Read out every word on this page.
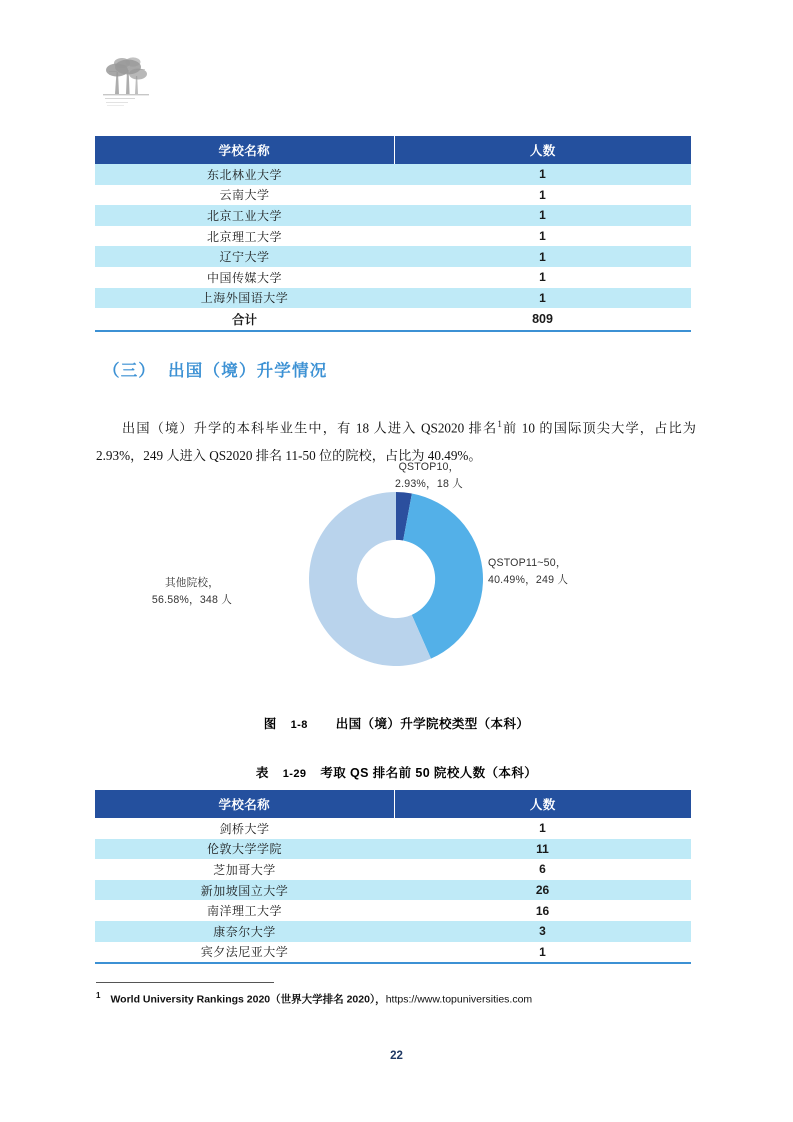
学校名称	人数
东北林业大学	1
云南大学	1
北京工业大学	1
北京理工大学	1
辽宁大学	1
中国传媒大学	1
上海外国语大学	1
合计	809
（三） 出国（境）升学情况

出国（境）升学的本科毕业生中，有 18 人进入 QS2020 排名$^1$前 10 的国际顶尖大学，占比为 2.93%，249 人进入 QS2020 排名 11-50 位的院校，占比为 40.49%。

QSTOP10，
2.93%，18 人
QSTOP11~50，
40.49%，249 人
其他院校，
56.58%，348 人
图 1-8 出国（境）升学院校类型（本科）
表 1-29 考取 QS 排名前 50 院校人数（本科）
学校名称	人数
剑桥大学	1
伦敦大学学院	11
芝加哥大学	6
新加坡国立大学	26
南洋理工大学	16
康奈尔大学	3
宾夕法尼亚大学	1
$^1$ World University Rankings 2020（世界大学排名 2020），https://www.topuniversities.com
22
